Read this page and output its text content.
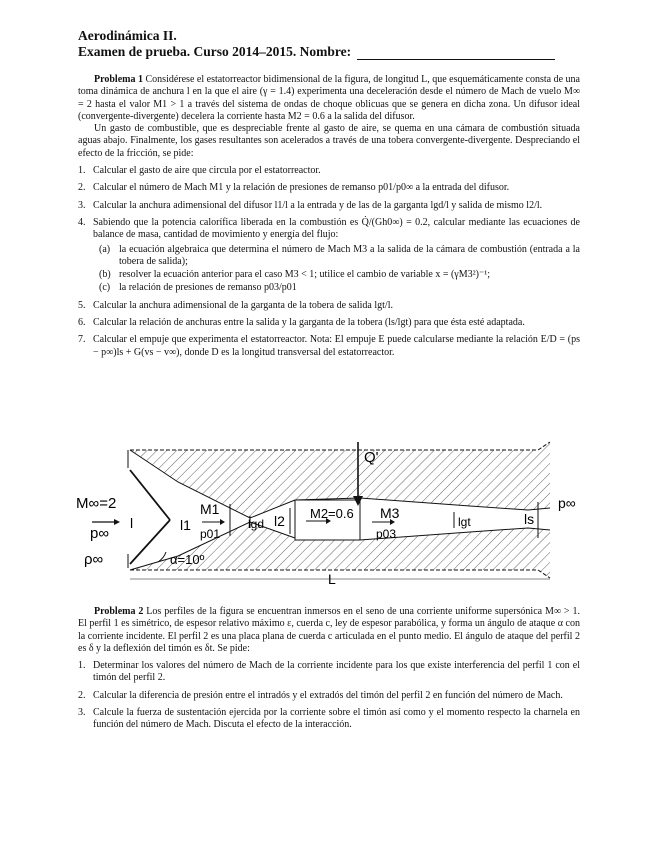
Aerodinámica II.
Examen de prueba. Curso 2014–2015. Nombre:

Problema 1 Considérese el estatorreactor bidimensional de la figura, de longitud L, que esquemáticamente consta de una toma dinámica de anchura l en la que el aire (γ = 1.4) experimenta una deceleración desde el número de Mach de vuelo M∞ = 2 hasta el valor M1 > 1 a través del sistema de ondas de choque oblicuas que se genera en dicha zona. Un difusor ideal (convergente-divergente) decelera la corriente hasta M2 = 0.6 a la salida del difusor.

Un gasto de combustible, que es despreciable frente al gasto de aire, se quema en una cámara de combustión situada aguas abajo. Finalmente, los gases resultantes son acelerados a través de una tobera convergente-divergente. Despreciando el efecto de la fricción, se pide:

1. Calcular el gasto de aire que circula por el estatorreactor.
2. Calcular el número de Mach M1 y la relación de presiones de remanso p01/p0∞ a la entrada del difusor.
3. Calcular la anchura adimensional del difusor l1/l a la entrada y de las de la garganta lgd/l y salida de mismo l2/l.
4. Sabiendo que la potencia calorífica liberada en la combustión es Q̇/(Gh0∞) = 0.2, calcular mediante las ecuaciones de balance de masa, cantidad de movimiento y energía del flujo:
(a) la ecuación algebraica que determina el número de Mach M3 a la salida de la cámara de combustión (entrada a la tobera de salida);
(b) resolver la ecuación anterior para el caso M3 < 1; utilice el cambio de variable x = (γM3²)⁻¹;
(c) la relación de presiones de remanso p03/p01
5. Calcular la anchura adimensional de la garganta de la tobera de salida lgt/l.
6. Calcular la relación de anchuras entre la salida y la garganta de la tobera (ls/lgt) para que ésta esté adaptada.
7. Calcular el empuje que experimenta el estatorreactor. Nota: El empuje E puede calcularse mediante la relación E/D = (ps − p∞)ls + G(vs − v∞), donde D es la longitud transversal del estatorreactor.
M∞=2
p∞
ρ∞
l	l1
M1
p01
lgd l2 M2=0.6
Q'
M3
p03
lgt	ls
p∞
α=10º
L

Problema 2 Los perfiles de la figura se encuentran inmersos en el seno de una corriente uniforme supersónica M∞ > 1. El perfil 1 es simétrico, de espesor relativo máximo ε, cuerda c, ley de espesor parabólica, y forma un ángulo de ataque α con la corriente incidente. El perfil 2 es una placa plana de cuerda c articulada en el punto medio. El ángulo de ataque del perfil 2 es δ y la deflexión del timón es δt. Se pide:

1. Determinar los valores del número de Mach de la corriente incidente para los que existe interferencia del perfil 1 con el timón del perfil 2.
2. Calcular la diferencia de presión entre el intradós y el extradós del timón del perfil 2 en función del número de Mach.
3. Calcule la fuerza de sustentación ejercida por la corriente sobre el timón así como y el momento respecto la charnela en función del número de Mach. Discuta el efecto de la interacción.
